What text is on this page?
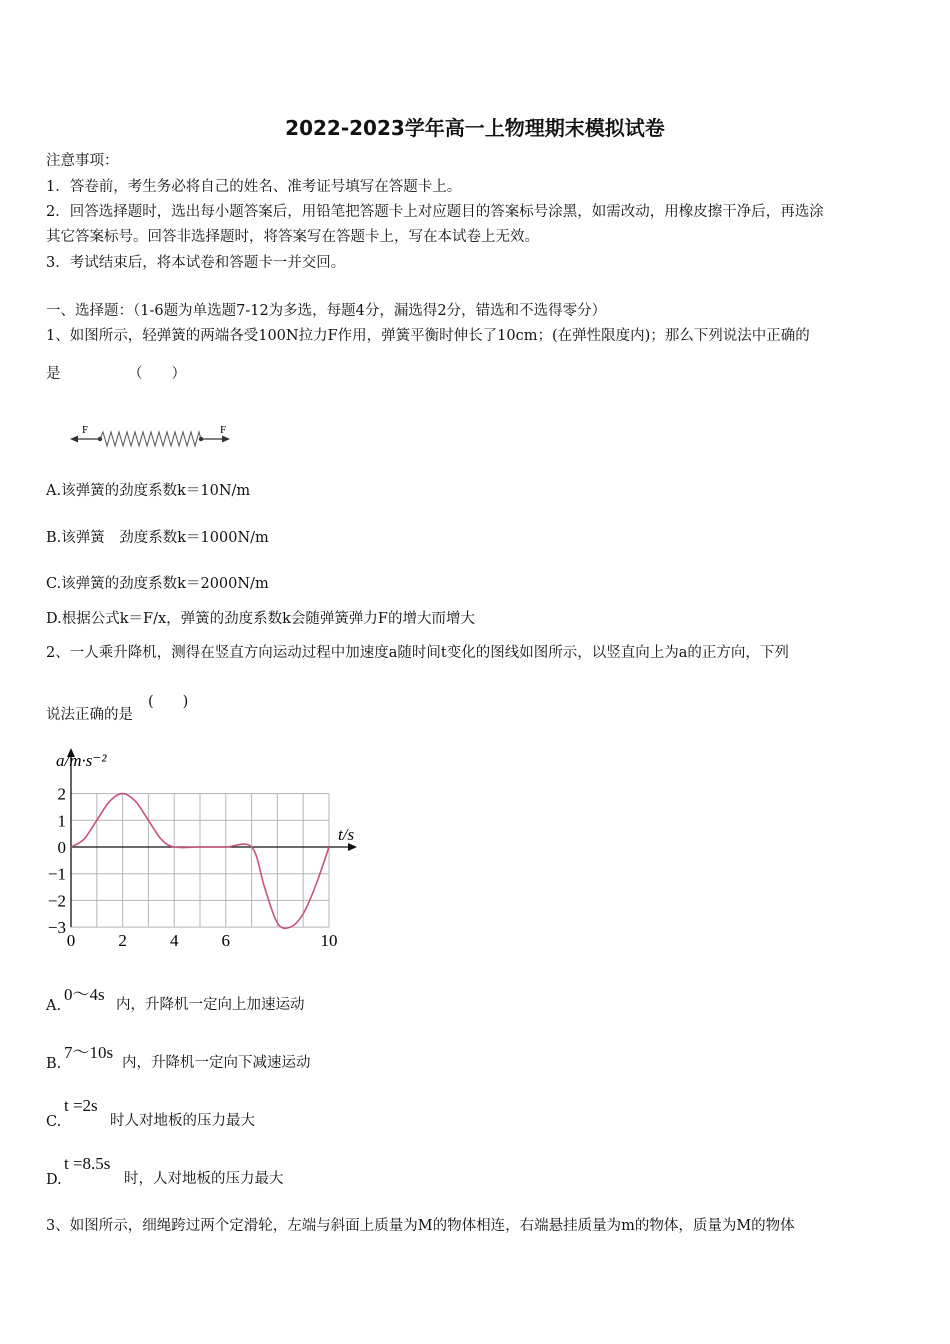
2022-2023学年高一上物理期末模拟试卷
注意事项：
1．答卷前，考生务必将自己的姓名、准考证号填写在答题卡上。
2．回答选择题时，选出每小题答案后，用铅笔把答题卡上对应题目的答案标号涂黑，如需改动，用橡皮擦干净后，再选涂
其它答案标号。回答非选择题时，将答案写在答题卡上，写在本试卷上无效。
3．考试结束后，将本试卷和答题卡一并交回。
一、选择题：（1-6题为单选题7-12为多选，每题4分，漏选得2分，错选和不选得零分）
1、如图所示，轻弹簧的两端各受100N拉力F作用，弹簧平衡时伸长了10cm；(在弹性限度内)；那么下列说法中正确的
是	（　　）
F	F
A.该弹簧的劲度系数k＝10N/m
B.该弹簧　劲度系数k＝1000N/m
C.该弹簧的劲度系数k＝2000N/m
D.根据公式k＝F/x，弹簧的劲度系数k会随弹簧弹力F的增大而增大
2、一人乘升降机，测得在竖直方向运动过程中加速度a随时间t变化的图线如图所示，以竖直向上为a的正方向，下列
说法正确的是
(　　)
2
1
0
−1
−2
−3
0	2	4	6	10
a/m·s⁻²
t/s
A.
0～4s
内，升降机一定向上加速运动
B.
7～10s
内，升降机一定向下减速运动
C.
t =2s
时人对地板的压力最大
D.
t =8.5s
时，人对地板的压力最大
3、如图所示，细绳跨过两个定滑轮，左端与斜面上质量为M的物体相连，右端悬挂质量为m的物体，质量为M的物体
